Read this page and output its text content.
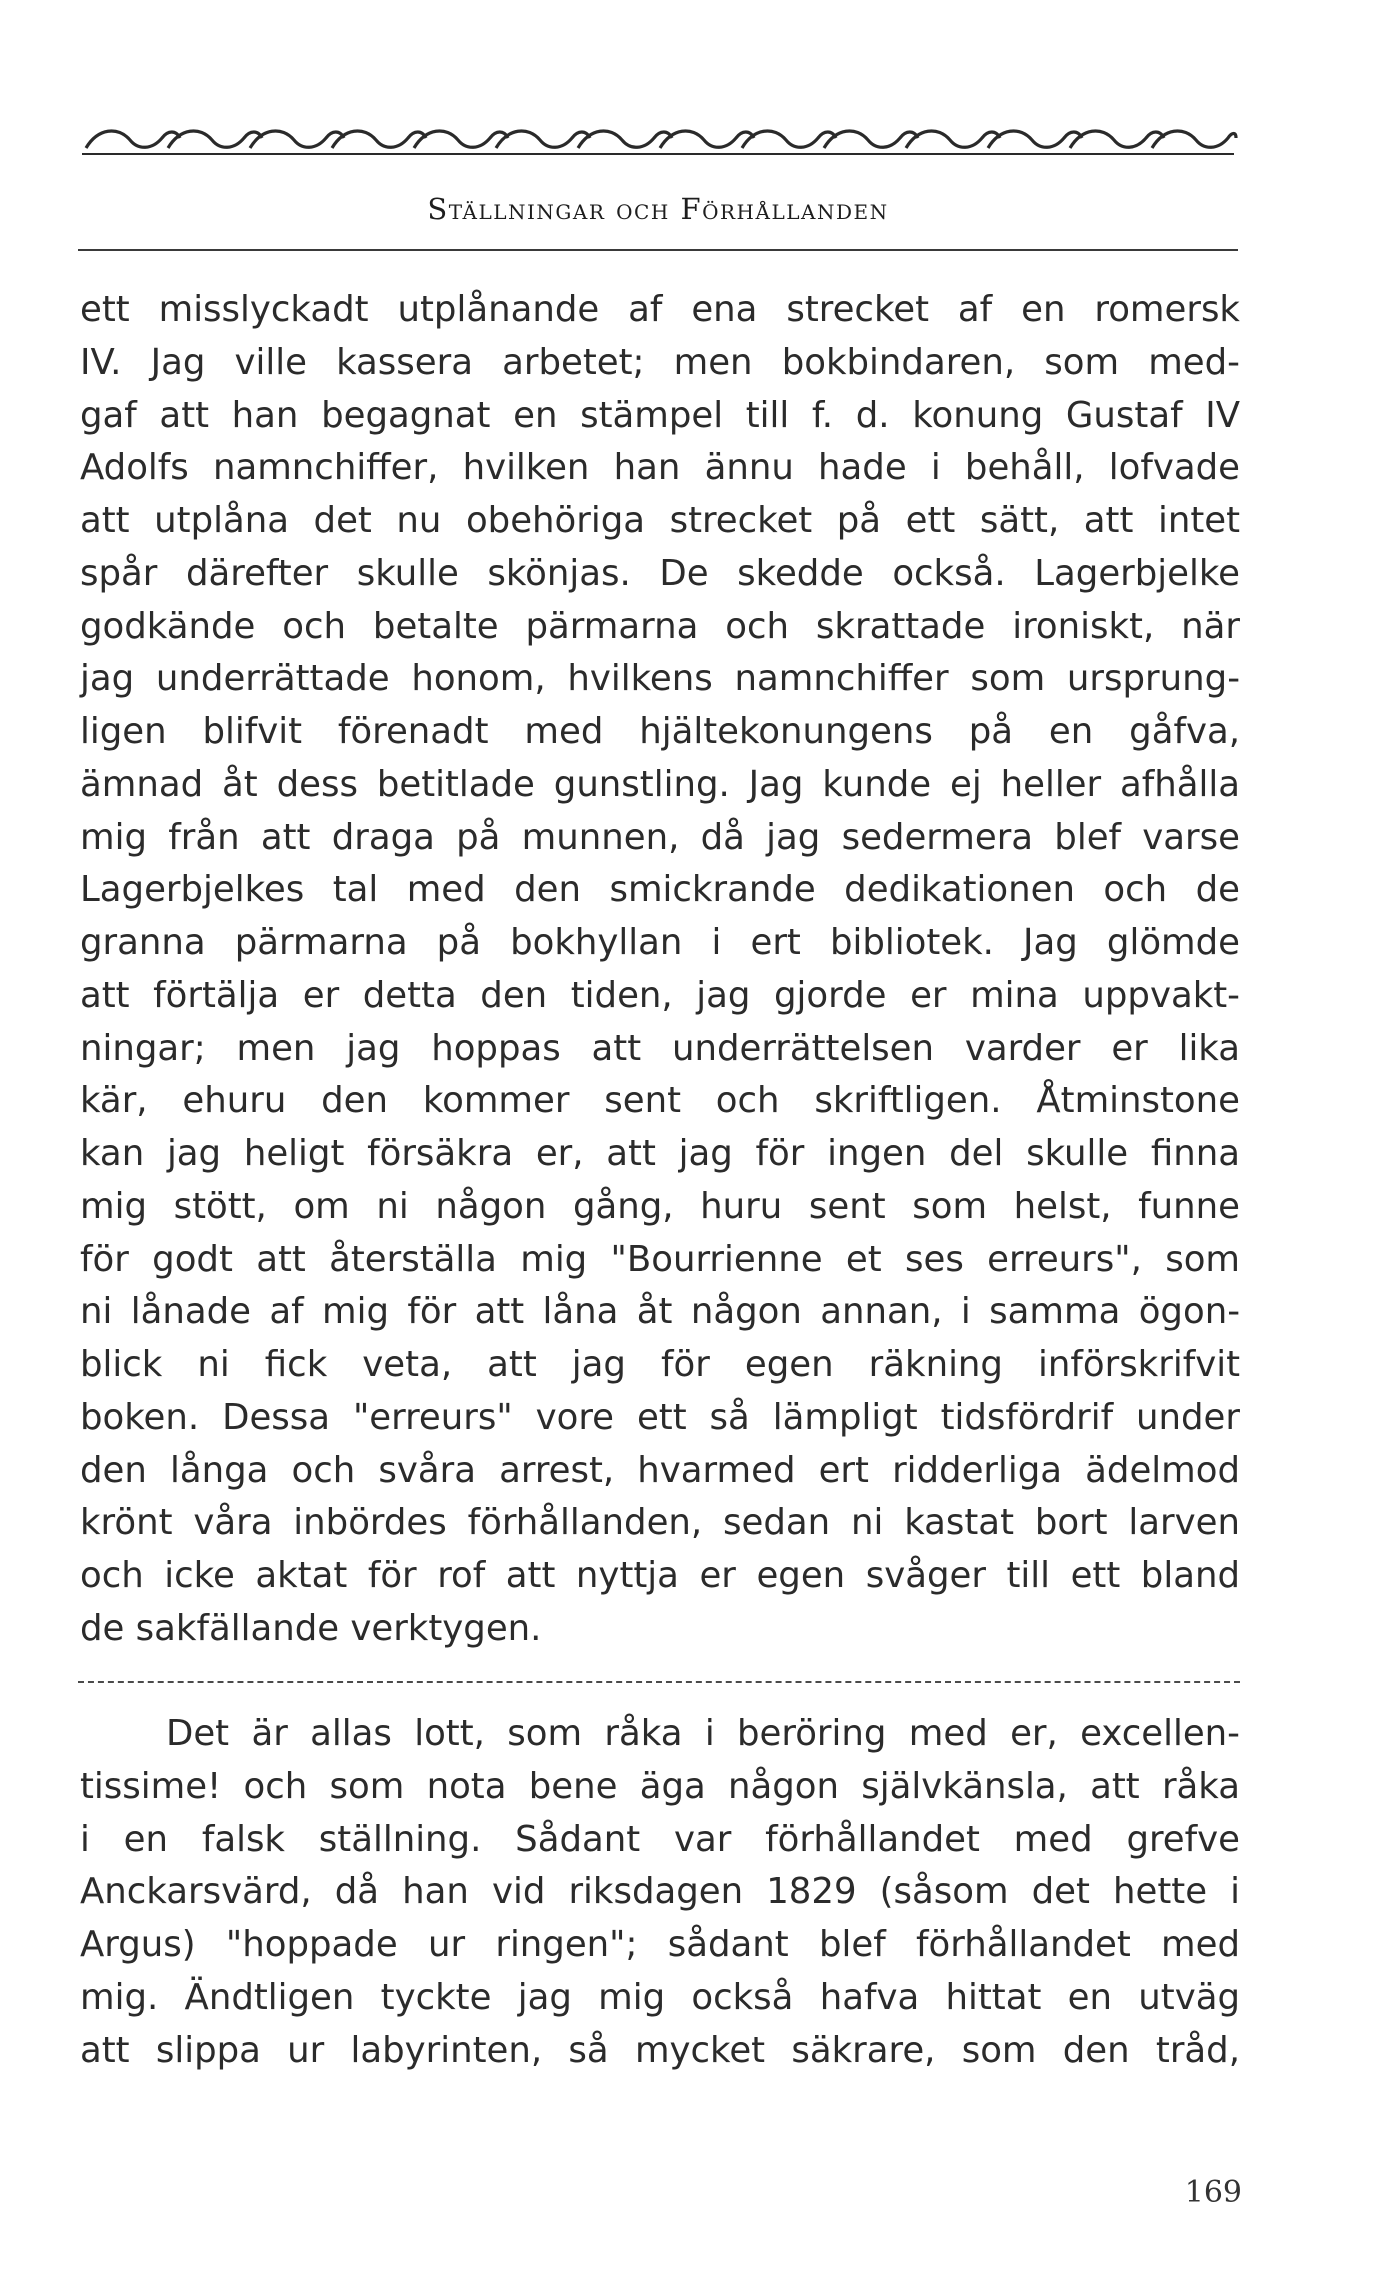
Ställningar och Förhållanden

ett misslyckadt utplånande af ena strecket af en romersk

IV. Jag ville kassera arbetet; men bokbindaren, som med-

gaf att han begagnat en stämpel till f. d. konung Gustaf IV

Adolfs namnchiffer, hvilken han ännu hade i behåll, lofvade

att utplåna det nu obehöriga strecket på ett sätt, att intet

spår därefter skulle skönjas. De skedde också. Lagerbjelke

godkände och betalte pärmarna och skrattade ironiskt, när

jag underrättade honom, hvilkens namnchiffer som ursprung-

ligen blifvit förenadt med hjältekonungens på en gåfva,

ämnad åt dess betitlade gunstling. Jag kunde ej heller afhålla

mig från att draga på munnen, då jag sedermera blef varse

Lagerbjelkes tal med den smickrande dedikationen och de

granna pärmarna på bokhyllan i ert bibliotek. Jag glömde

att förtälja er detta den tiden, jag gjorde er mina uppvakt-

ningar; men jag hoppas att underrättelsen varder er lika

kär, ehuru den kommer sent och skriftligen. Åtminstone

kan jag heligt försäkra er, att jag för ingen del skulle finna

mig stött, om ni någon gång, huru sent som helst, funne

för godt att återställa mig "Bourrienne et ses erreurs", som

ni lånade af mig för att låna åt någon annan, i samma ögon-

blick ni fick veta, att jag för egen räkning införskrifvit

boken. Dessa "erreurs" vore ett så lämpligt tidsfördrif under

den långa och svåra arrest, hvarmed ert ridderliga ädelmod

krönt våra inbördes förhållanden, sedan ni kastat bort larven

och icke aktat för rof att nyttja er egen svåger till ett bland

de sakfällande verktygen.

Det är allas lott, som råka i beröring med er, excellen-

tissime! och som nota bene äga någon självkänsla, att råka

i en falsk ställning. Sådant var förhållandet med grefve

Anckarsvärd, då han vid riksdagen 1829 (såsom det hette i

Argus) "hoppade ur ringen"; sådant blef förhållandet med

mig. Ändtligen tyckte jag mig också hafva hittat en utväg

att slippa ur labyrinten, så mycket säkrare, som den tråd,

169
